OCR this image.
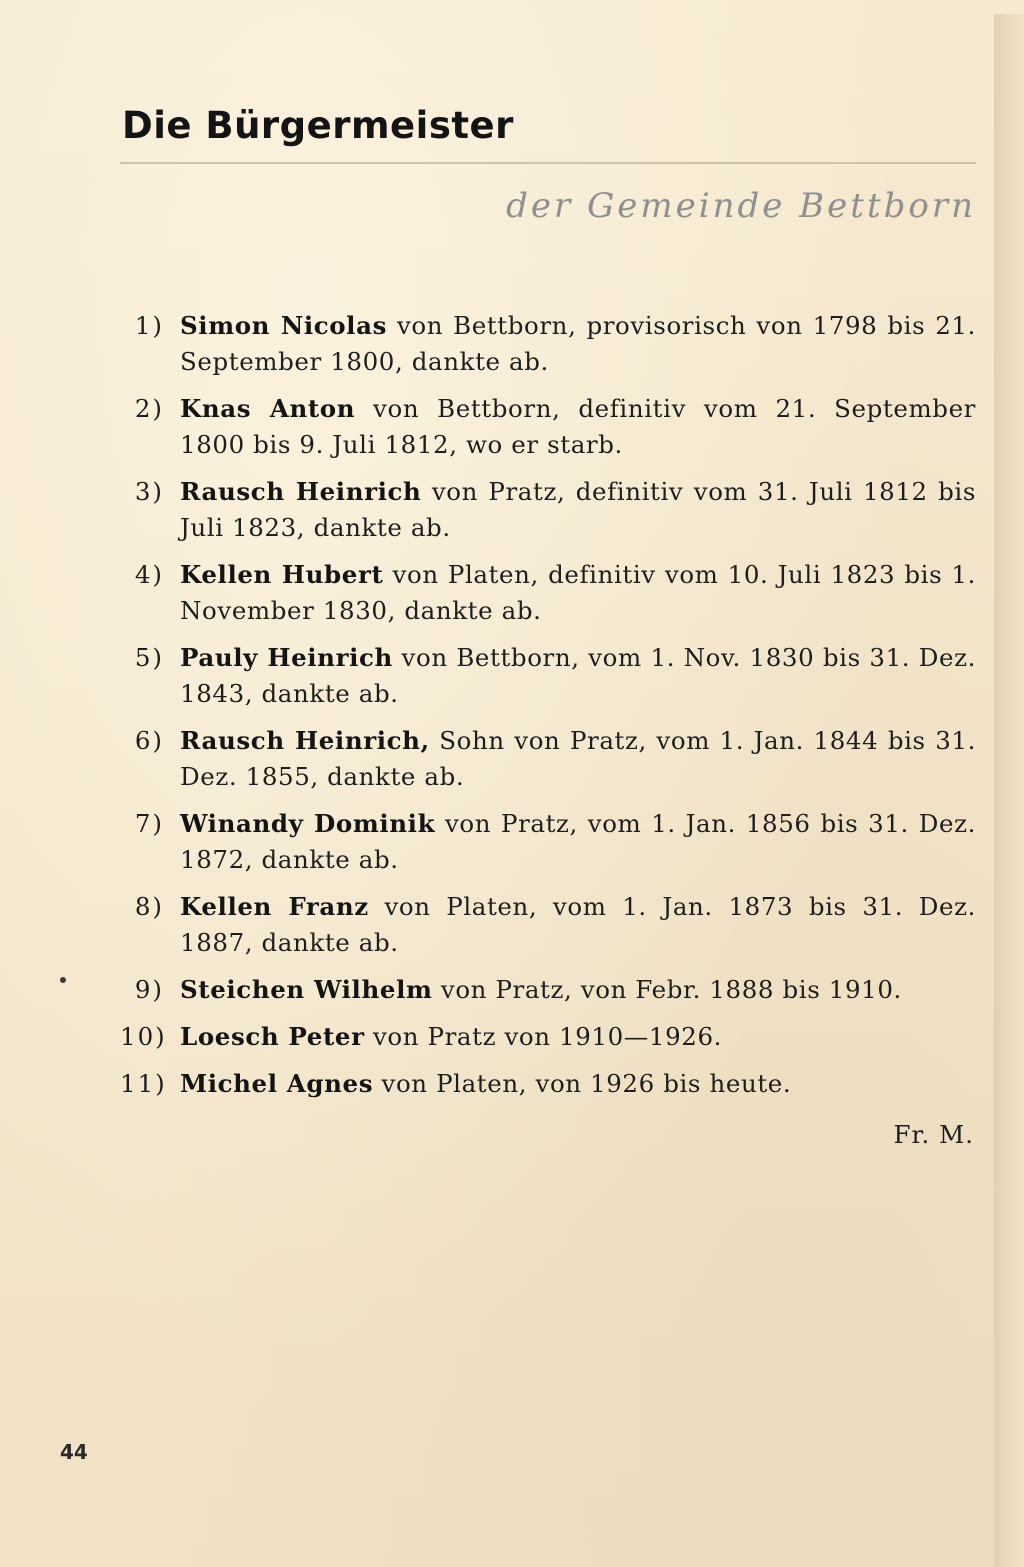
Die Bürgermeister
der Gemeinde Bettborn
1) Simon Nicolas von Bettborn, provisorisch von 1798 bis 21. September 1800, dankte ab.
2) Knas Anton von Bettborn, definitiv vom 21. September 1800 bis 9. Juli 1812, wo er starb.
3) Rausch Heinrich von Pratz, definitiv vom 31. Juli 1812 bis Juli 1823, dankte ab.
4) Kellen Hubert von Platen, definitiv vom 10. Juli 1823 bis 1. November 1830, dankte ab.
5) Pauly Heinrich von Bettborn, vom 1. Nov. 1830 bis 31. Dez. 1843, dankte ab.
6) Rausch Heinrich, Sohn von Pratz, vom 1. Jan. 1844 bis 31. Dez. 1855, dankte ab.
7) Winandy Dominik von Pratz, vom 1. Jan. 1856 bis 31. Dez. 1872, dankte ab.
8) Kellen Franz von Platen, vom 1. Jan. 1873 bis 31. Dez. 1887, dankte ab.
9) Steichen Wilhelm von Pratz, von Febr. 1888 bis 1910.
10) Loesch Peter von Pratz von 1910—1926.
11) Michel Agnes von Platen, von 1926 bis heute.
Fr. M.
44
